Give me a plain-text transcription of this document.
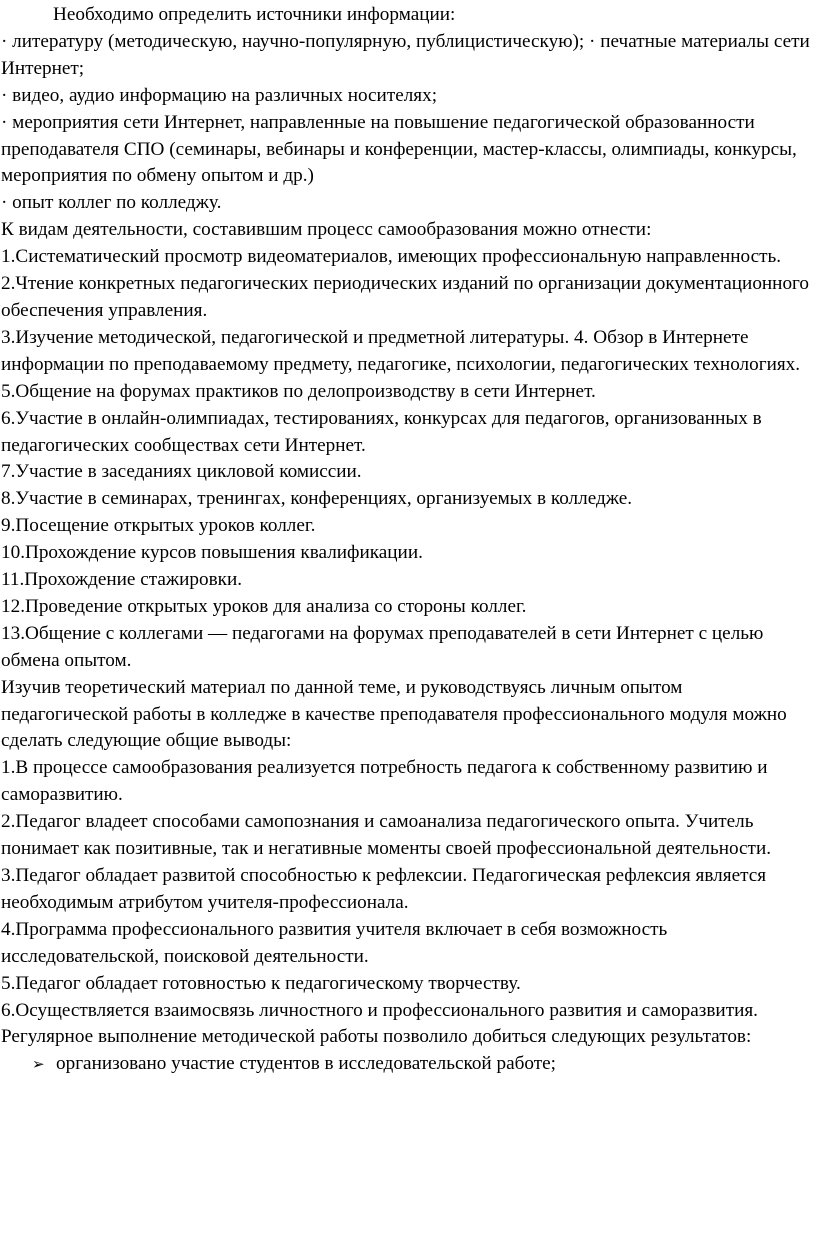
Необходимо определить источники информации:

· литературу (методическую, научно-популярную, публицистическую); · печатные материалы сети Интернет;

· видео, аудио информацию на различных носителях;

· мероприятия сети Интернет, направленные на повышение педагогической образованности преподавателя СПО (семинары, вебинары и конференции, мастер-классы, олимпиады, конкурсы, мероприятия по обмену опытом и др.)

· опыт коллег по колледжу.

К видам деятельности, составившим процесс самообразования можно отнести:

1.Систематический просмотр видеоматериалов, имеющих профессиональную направленность.

2.Чтение конкретных педагогических периодических изданий по организации документационного обеспечения управления.

3.Изучение методической, педагогической и предметной литературы. 4. Обзор в Интернете информации по преподаваемому предмету, педагогике, психологии, педагогических технологиях.

5.Общение на форумах практиков по делопроизводству в сети Интернет.

6.Участие в онлайн-олимпиадах, тестированиях, конкурсах для педагогов, организованных в педагогических сообществах сети Интернет.

7.Участие в заседаниях цикловой комиссии.

8.Участие в семинарах, тренингах, конференциях, организуемых в колледже.

9.Посещение открытых уроков коллег.

10.Прохождение курсов повышения квалификации.

11.Прохождение стажировки.

12.Проведение открытых уроков для анализа со стороны коллег.

13.Общение с коллегами — педагогами на форумах преподавателей в сети Интернет с целью обмена опытом.

Изучив теоретический материал по данной теме, и руководствуясь личным опытом педагогической работы в колледже в качестве преподавателя профессионального модуля можно сделать следующие общие выводы:

1.В процессе самообразования реализуется потребность педагога к собственному развитию и саморазвитию.

2.Педагог владеет способами самопознания и самоанализа педагогического опыта. Учитель понимает как позитивные, так и негативные моменты своей профессиональной деятельности.

3.Педагог обладает развитой способностью к рефлексии. Педагогическая рефлексия является необходимым атрибутом учителя-профессионала.

4.Программа профессионального развития учителя включает в себя возможность исследовательской, поисковой деятельности.

5.Педагог обладает готовностью к педагогическому творчеству.

6.Осуществляется взаимосвязь личностного и профессионального развития и саморазвития.

Регулярное выполнение методической работы позволило добиться следующих результатов:

➢ организовано участие студентов в исследовательской работе;
